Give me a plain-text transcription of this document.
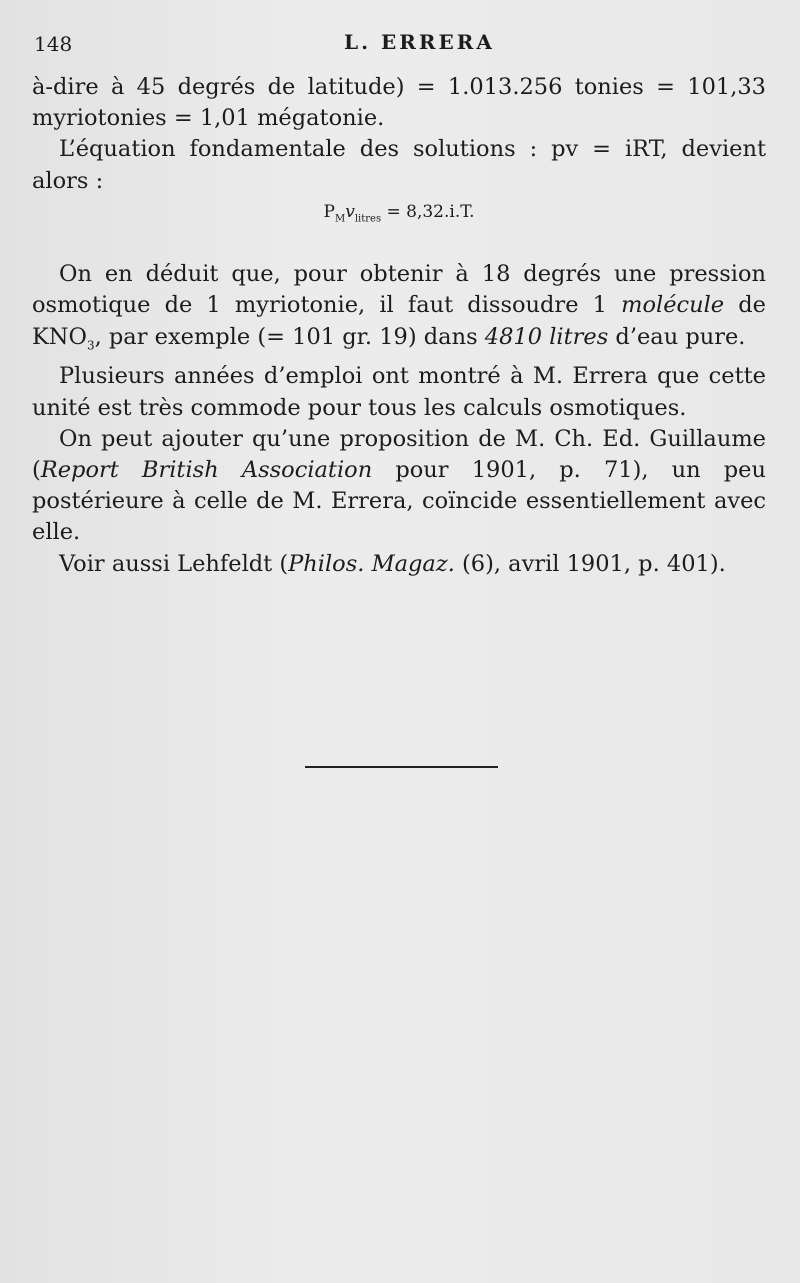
148	L. ERRERA

à-dire à 45 degrés de latitude) = 1.013.256 tonies = 101,33 myriotonies = 1,01 mégatonie.

L’équation fondamentale des solutions : pv = iRT, devient alors :

$P_Mv_{litres} = 8,32.i.T$.

On en déduit que, pour obtenir à 18 degrés une pression osmotique de 1 myriotonie, il faut dissoudre 1 molécule de $KNO_3$, par exemple (= 101 gr. 19) dans 4810 litres d’eau pure.

Plusieurs années d’emploi ont montré à M. Errera que cette unité est très commode pour tous les calculs osmotiques.

On peut ajouter qu’une proposition de M. Ch. Ed. Guillaume (Report British Association pour 1901, p. 71), un peu postérieure à celle de M. Errera, coïncide essentiellement avec elle.

Voir aussi Lehfeldt (Philos. Magaz. (6), avril 1901, p. 401).
